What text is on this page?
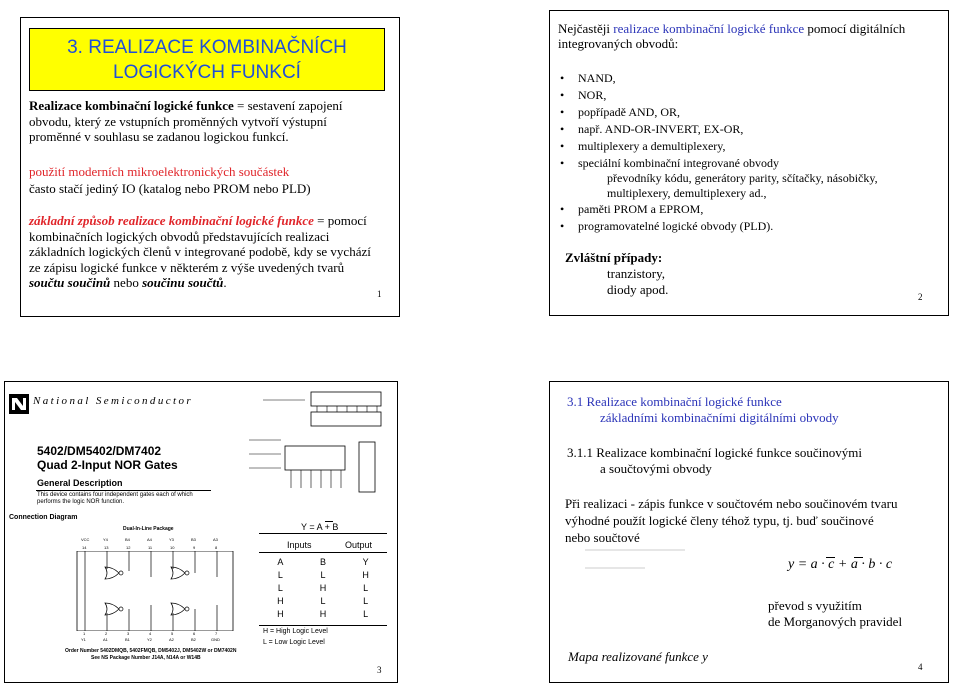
3. REALIZACE KOMBINAČNÍCH
LOGICKÝCH FUNKCÍ
Realizace kombinační logické funkce = sestavení zapojení obvodu, který ze vstupních proměnných vytvoří výstupní proměnné v souhlasu se zadanou logickou funkcí.
použití moderních mikroelektronických součástek
často stačí jediný IO (katalog nebo PROM nebo PLD)
základní způsob realizace kombinační logické funkce = pomocí kombinačních logických obvodů představujících realizaci základních logických členů v integrované podobě, kdy se vychází ze zápisu logické funkce v některém z výše uvedených tvarů součtu součinů nebo součinu součtů.
1
Nejčastěji realizace kombinační logické funkce pomocí digitálních integrovaných obvodů:
• NAND,
• NOR,
• popřípadě AND, OR,
• např. AND-OR-INVERT, EX-OR,
• multiplexery a demultiplexery,
• speciální kombinační integrované obvody
převodníky kódu, generátory parity, sčítačky, násobičky,
multiplexery, demultiplexery ad.,
• paměti PROM a EPROM,
• programovatelné logické obvody (PLD).
Zvláštní případy:
tranzistory,
diody apod.	2
National Semiconductor
5402/DM5402/DM7402
Quad 2-Input NOR Gates
General Description
This device contains four independent gates each of which
performs the logic NOR function.
Connection Diagram
Dual-In-Line Package
VCC	Y4	B4	A4	Y3	B3	A3
14	13	12	11	10	9	8
1	2	3	4	5	6	7
Y1	A1	B1	Y2	A2	B2	GND
Order Number 5402DMQB, 5402FMQB, DM5402J, DM5402W or DM7402N
See NS Package Number J14A, N14A or W14B
Y = A + B
Inputs	Output
A	B	Y
L	L	H
L	H	L
H	L	L
H	H	L
H = High Logic Level
L = Low Logic Level
3
3.1 Realizace kombinační logické funkce
základními kombinačními digitálními obvody
3.1.1 Realizace kombinační logické funkce součinovými
a součtovými obvody
Při realizaci - zápis funkce v součtovém nebo součinovém tvaru
výhodné použít logické členy téhož typu, tj. buď součinové
nebo součtové
y = a · c + a · b · c
převod s využitím
de Morganových pravidel
Mapa realizované funkce y
4
